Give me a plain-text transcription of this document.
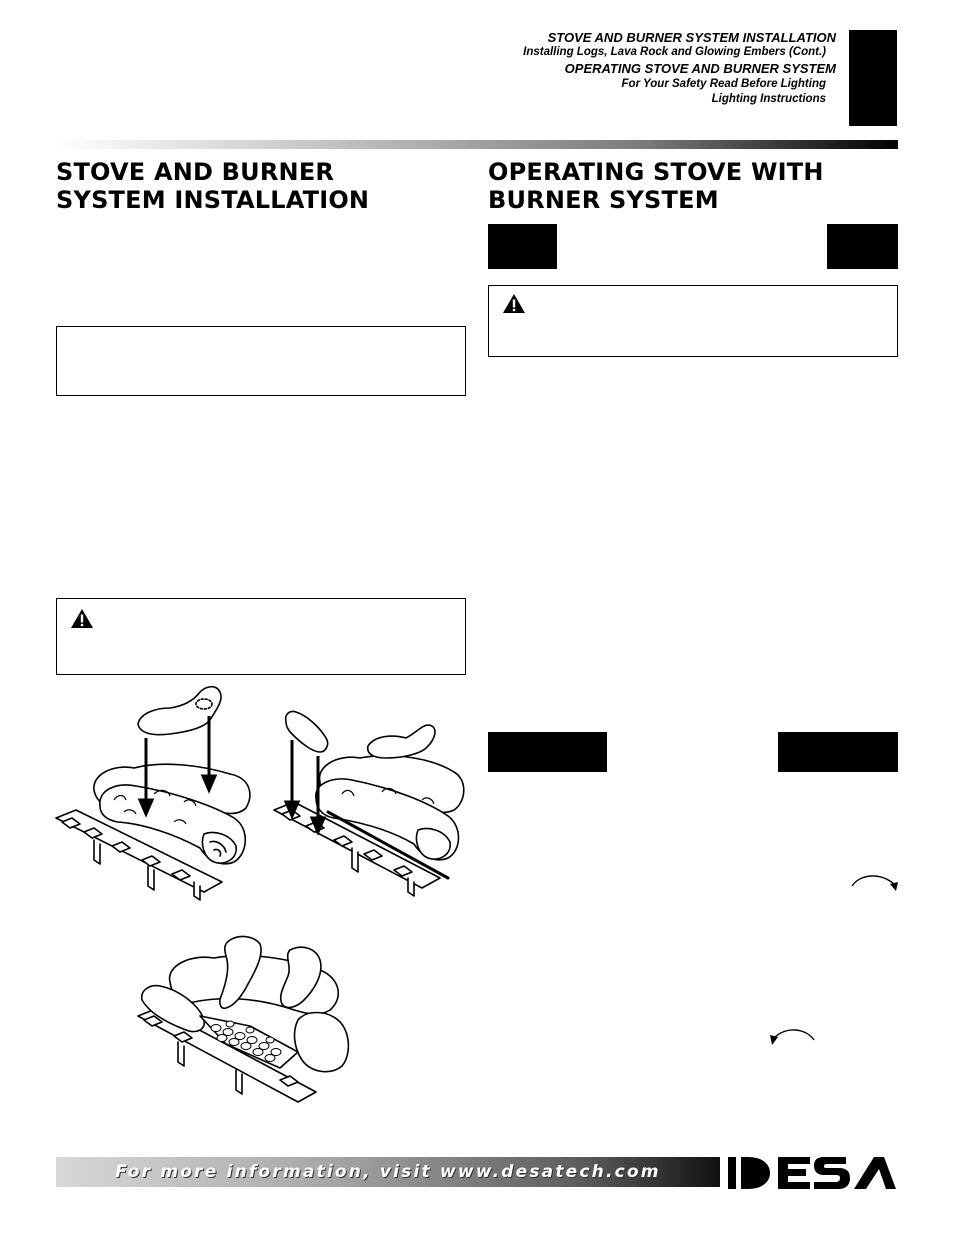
STOVE AND BURNER SYSTEM INSTALLATION
Installing Logs, Lava Rock and Glowing Embers (Cont.)
OPERATING STOVE AND BURNER SYSTEM
For Your Safety Read Before Lighting
Lighting Instructions
STOVE AND BURNER
SYSTEM INSTALLATION
OPERATING STOVE WITH
BURNER SYSTEM
For more information, visit www.desatech.com
